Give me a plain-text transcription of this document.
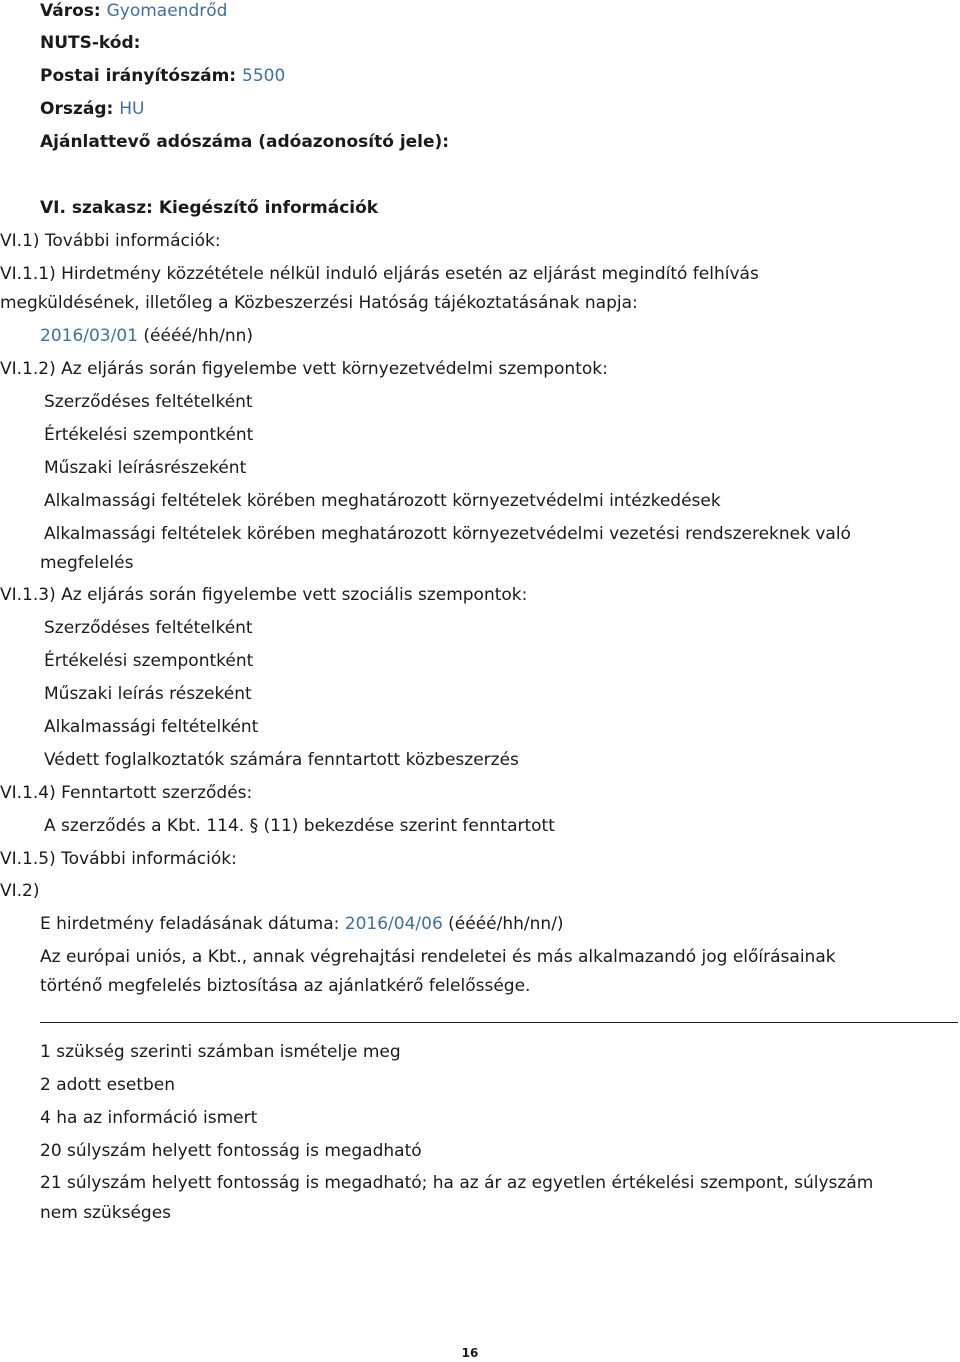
Város: Gyomaendrőd
NUTS-kód:
Postai irányítószám: 5500
Ország: HU
Ajánlattevő adószáma (adóazonosító jele):
VI. szakasz: Kiegészítő információk
VI.1) További információk:
VI.1.1) Hirdetmény közzététele nélkül induló eljárás esetén az eljárást megindító felhívás
megküldésének, illetőleg a Közbeszerzési Hatóság tájékoztatásának napja:
2016/03/01 (éééé/hh/nn)
VI.1.2) Az eljárás során figyelembe vett környezetvédelmi szempontok:
Szerződéses feltételként
Értékelési szempontként
Műszaki leírásrészeként
Alkalmassági feltételek körében meghatározott környezetvédelmi intézkedések
Alkalmassági feltételek körében meghatározott környezetvédelmi vezetési rendszereknek való
megfelelés
VI.1.3) Az eljárás során figyelembe vett szociális szempontok:
Szerződéses feltételként
Értékelési szempontként
Műszaki leírás részeként
Alkalmassági feltételként
Védett foglalkoztatók számára fenntartott közbeszerzés
VI.1.4) Fenntartott szerződés:
A szerződés a Kbt. 114. § (11) bekezdése szerint fenntartott
VI.1.5) További információk:
VI.2)
E hirdetmény feladásának dátuma: 2016/04/06 (éééé/hh/nn/)
Az európai uniós, a Kbt., annak végrehajtási rendeletei és más alkalmazandó jog előírásainak
történő megfelelés biztosítása az ajánlatkérő felelőssége.
1 szükség szerinti számban ismételje meg
2 adott esetben
4 ha az információ ismert
20 súlyszám helyett fontosság is megadható
21 súlyszám helyett fontosság is megadható; ha az ár az egyetlen értékelési szempont, súlyszám
nem szükséges
16
